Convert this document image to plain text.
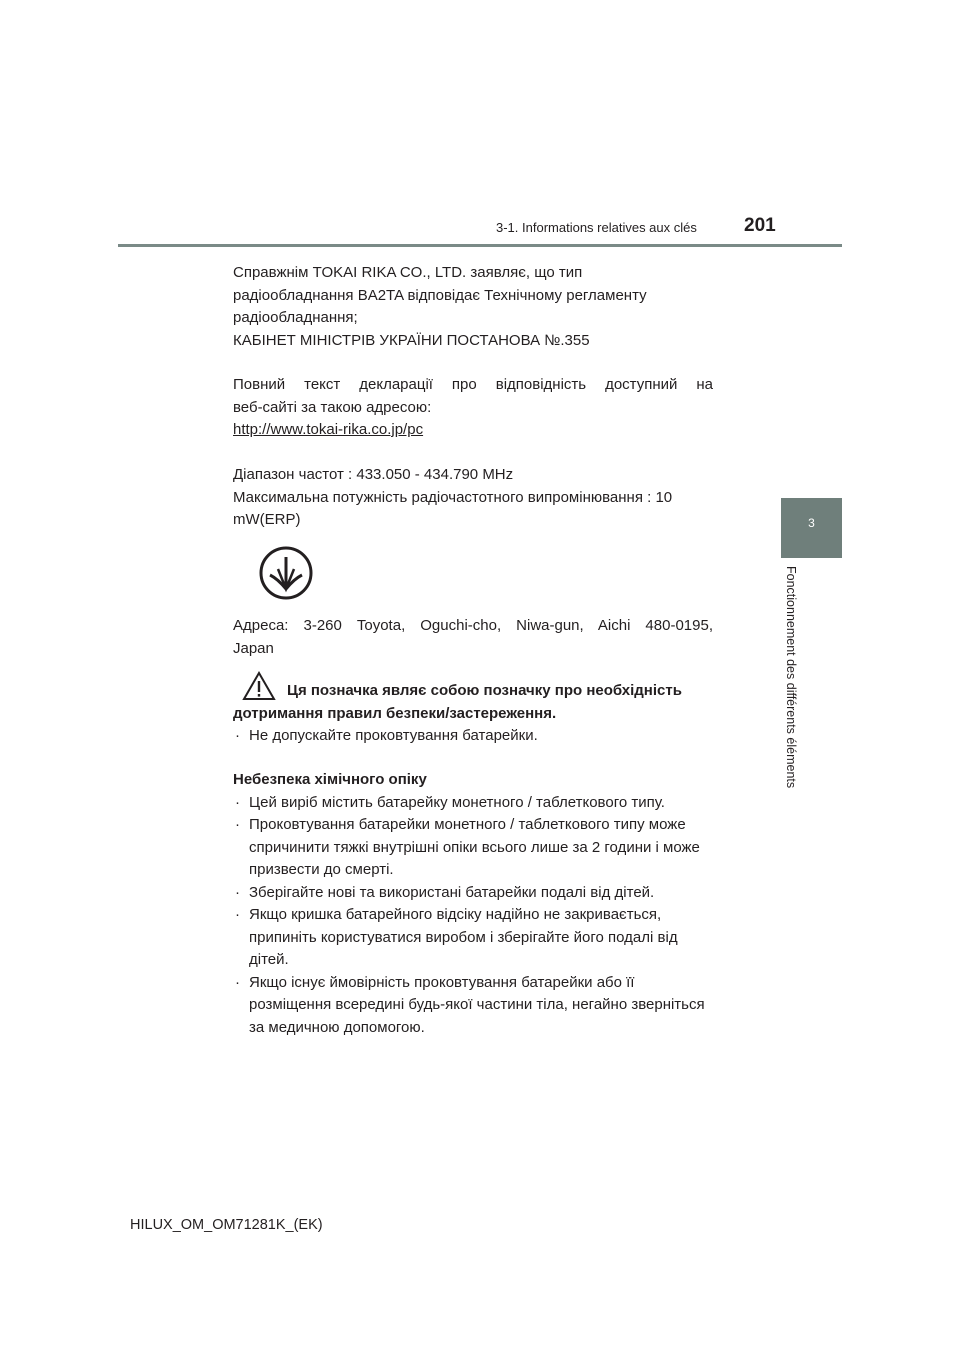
3-1. Informations relatives aux clés 201
3
Fonctionnement des différents éléments

Справжнім TOKAI RIKA CO., LTD. заявляє, що тип

радіообладнання BA2TA відповідає Технічному регламенту

радіообладнання;

КАБІНЕТ МІНІСТРІВ УКРАЇНИ ПОСТАНОВА №.355

Повний текст декларації про відповідність доступний на

веб-сайті за такою адресою:

http://www.tokai-rika.co.jp/pc

Діапазон частот : 433.050 - 434.790 MHz

Максимальна потужність радіочастотного випромінювання : 10

mW(ERP)

Адреса: 3-260 Toyota, Oguchi-cho, Niwa-gun, Aichi 480-0195,

Japan

Ця позначка являє собою позначку про необхідність

дотримання правил безпеки/застереження.

· Не допускайте проковтування батарейки.

Небезпека хімічного опіку

· Цей виріб містить батарейку монетного / таблеткового типу.
· Проковтування батарейки монетного / таблеткового типу може спричинити тяжкі внутрішні опіки всього лише за 2 години і може призвести до смерті.
· Зберігайте нові та використані батарейки подалі від дітей.
· Якщо кришка батарейного відсіку надійно не закривається, припиніть користуватися виробом і зберігайте його подалі від дітей.
· Якщо існує ймовірність проковтування батарейки або її розміщення всередині будь-якої частини тіла, негайно зверніться за медичною допомогою.
HILUX_OM_OM71281K_(EK)
